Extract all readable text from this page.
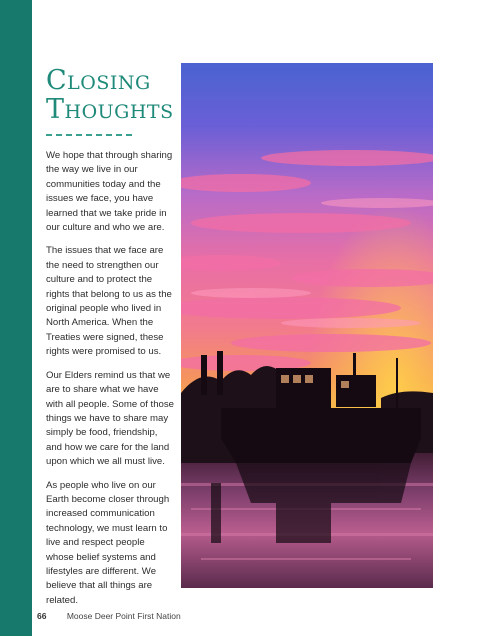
Closing
Thoughts

We hope that through sharing the way we live in our communities today and the issues we face, you have learned that we take pride in our culture and who we are.

The issues that we face are the need to strengthen our culture and to protect the rights that belong to us as the original people who lived in North America. When the Treaties were signed, these rights were promised to us.

Our Elders remind us that we are to share what we have with all people. Some of those things we have to share may simply be food, friendship, and how we care for the land upon which we all must live.

As people who live on our Earth become closer through increased communication technology, we must learn to live and respect people whose belief systems and lifestyles are different. We believe that all things are related.

66 Moose Deer Point First Nation
